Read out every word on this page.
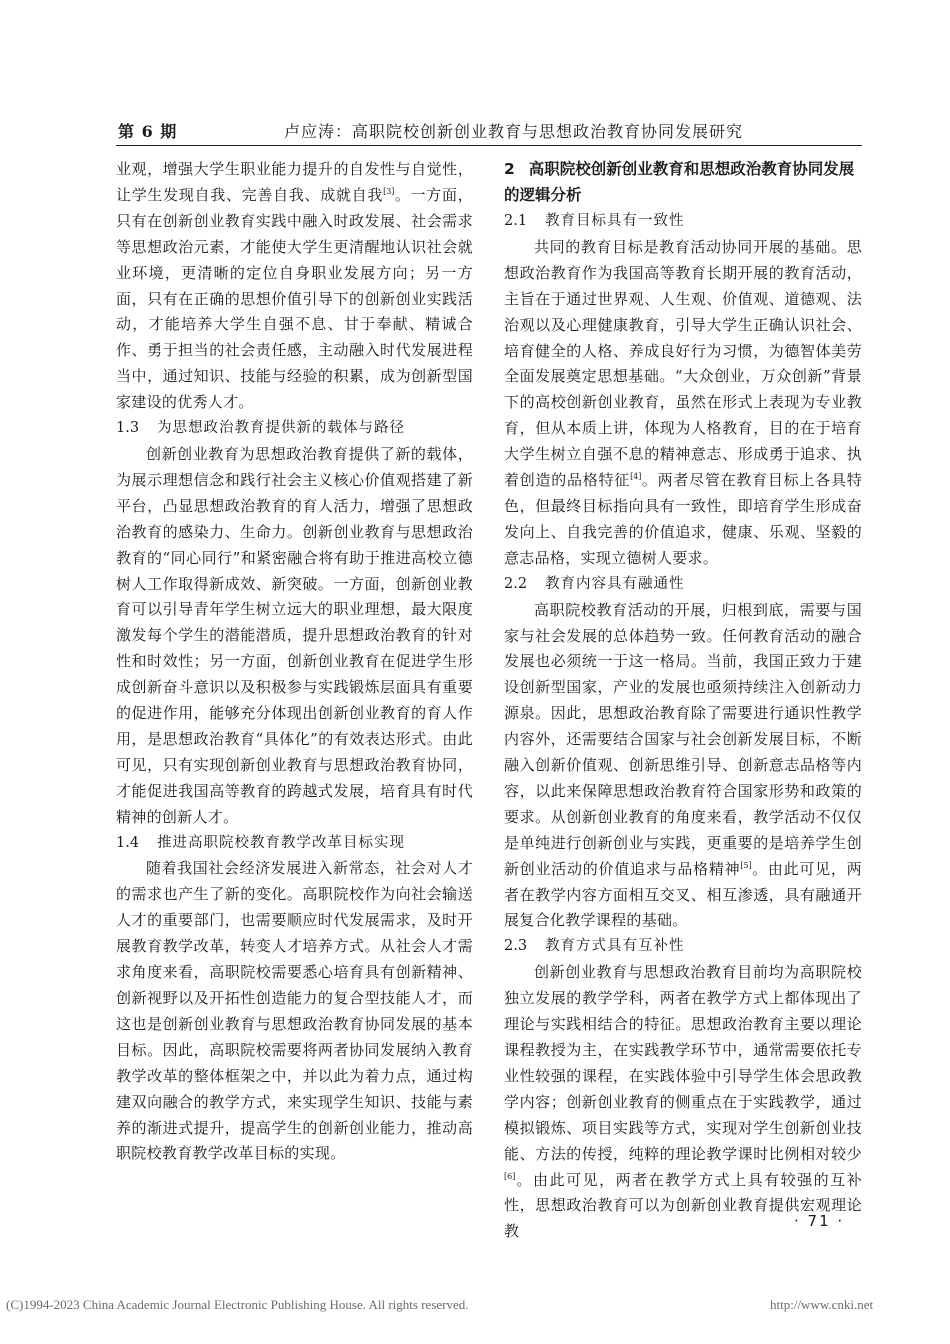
第 6 期	卢应涛：高职院校创新创业教育与思想政治教育协同发展研究
业观，增强大学生职业能力提升的自发性与自觉性，让学生发现自我、完善自我、成就自我[3]。一方面，只有在创新创业教育实践中融入时政发展、社会需求等思想政治元素，才能使大学生更清醒地认识社会就业环境，更清晰的定位自身职业发展方向；另一方面，只有在正确的思想价值引导下的创新创业实践活动，才能培养大学生自强不息、甘于奉献、精诚合作、勇于担当的社会责任感，主动融入时代发展进程当中，通过知识、技能与经验的积累，成为创新型国家建设的优秀人才。
1.3 为思想政治教育提供新的载体与路径

创新创业教育为思想政治教育提供了新的载体，为展示理想信念和践行社会主义核心价值观搭建了新平台，凸显思想政治教育的育人活力，增强了思想政治教育的感染力、生命力。创新创业教育与思想政治教育的“同心同行”和紧密融合将有助于推进高校立德树人工作取得新成效、新突破。一方面，创新创业教育可以引导青年学生树立远大的职业理想，最大限度激发每个学生的潜能潜质，提升思想政治教育的针对性和时效性；另一方面，创新创业教育在促进学生形成创新奋斗意识以及积极参与实践锻炼层面具有重要的促进作用，能够充分体现出创新创业教育的育人作用，是思想政治教育“具体化”的有效表达形式。由此可见，只有实现创新创业教育与思想政治教育协同，才能促进我国高等教育的跨越式发展，培育具有时代精神的创新人才。

1.4 推进高职院校教育教学改革目标实现

随着我国社会经济发展进入新常态，社会对人才的需求也产生了新的变化。高职院校作为向社会输送人才的重要部门，也需要顺应时代发展需求，及时开展教育教学改革，转变人才培养方式。从社会人才需求角度来看，高职院校需要悉心培育具有创新精神、创新视野以及开拓性创造能力的复合型技能人才，而这也是创新创业教育与思想政治教育协同发展的基本目标。因此，高职院校需要将两者协同发展纳入教育教学改革的整体框架之中，并以此为着力点，通过构建双向融合的教学方式，来实现学生知识、技能与素养的渐进式提升，提高学生的创新创业能力，推动高职院校教育教学改革目标的实现。

2 高职院校创新创业教育和思想政治教育协同发展的逻辑分析
2.1 教育目标具有一致性

共同的教育目标是教育活动协同开展的基础。思想政治教育作为我国高等教育长期开展的教育活动，主旨在于通过世界观、人生观、价值观、道德观、法治观以及心理健康教育，引导大学生正确认识社会、培育健全的人格、养成良好行为习惯，为德智体美劳全面发展奠定思想基础。“大众创业，万众创新”背景下的高校创新创业教育，虽然在形式上表现为专业教育，但从本质上讲，体现为人格教育，目的在于培育大学生树立自强不息的精神意志、形成勇于追求、执着创造的品格特征[4]。两者尽管在教育目标上各具特色，但最终目标指向具有一致性，即培育学生形成奋发向上、自我完善的价值追求，健康、乐观、坚毅的意志品格，实现立德树人要求。

2.2 教育内容具有融通性

高职院校教育活动的开展，归根到底，需要与国家与社会发展的总体趋势一致。任何教育活动的融合发展也必须统一于这一格局。当前，我国正致力于建设创新型国家，产业的发展也亟须持续注入创新动力源泉。因此，思想政治教育除了需要进行通识性教学内容外，还需要结合国家与社会创新发展目标，不断融入创新价值观、创新思维引导、创新意志品格等内容，以此来保障思想政治教育符合国家形势和政策的要求。从创新创业教育的角度来看，教学活动不仅仅是单纯进行创新创业与实践，更重要的是培养学生创新创业活动的价值追求与品格精神[5]。由此可见，两者在教学内容方面相互交叉、相互渗透，具有融通开展复合化教学课程的基础。

2.3 教育方式具有互补性

创新创业教育与思想政治教育目前均为高职院校独立发展的教学学科，两者在教学方式上都体现出了理论与实践相结合的特征。思想政治教育主要以理论课程教授为主，在实践教学环节中，通常需要依托专业性较强的课程，在实践体验中引导学生体会思政教学内容；创新创业教育的侧重点在于实践教学，通过模拟锻炼、项目实践等方式，实现对学生创新创业技能、方法的传授，纯粹的理论教学课时比例相对较少[6]。由此可见，两者在教学方式上具有较强的互补性，思想政治教育可以为创新创业教育提供宏观理论教

· 71 ·
(C)1994-2023 China Academic Journal Electronic Publishing House. All rights reserved.	http://www.cnki.net
